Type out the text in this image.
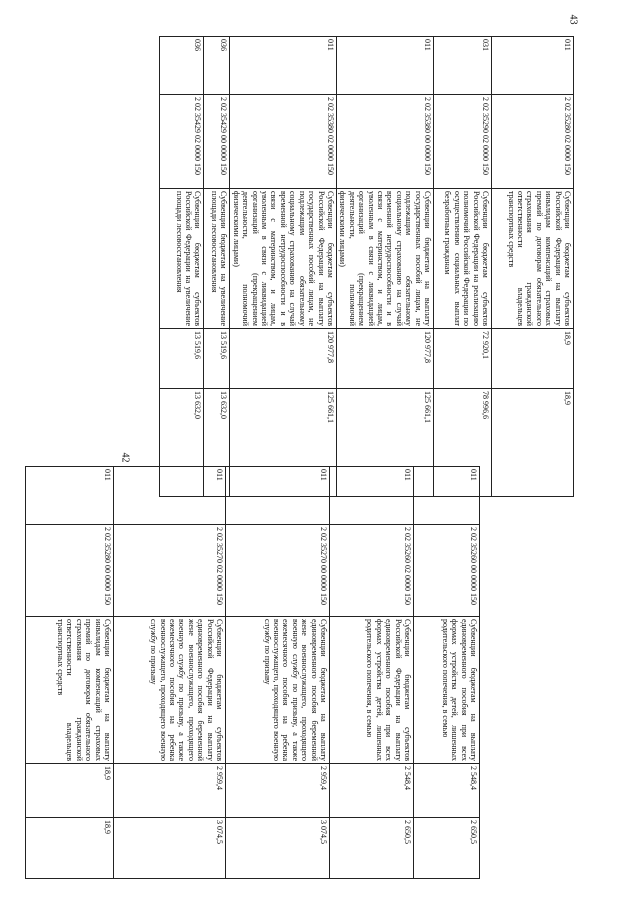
42
011	2 02 35260 00 0000 150	Субвенции бюджетам на выплату единовременного пособия при всех формах устройства детей, лишенных родительского попечения, в семью	2 548,4	2 650,5
011	2 02 35260 02 0000 150	Субвенции бюджетам субъектов Российской Федерации на выплату единовременного пособия при всех формах устройства детей, лишенных родительского попечения, в семью	2 548,4	2 650,5
011	2 02 35270 00 0000 150	Субвенции бюджетам на выплату единовременного пособия беременной жене военнослужащего, проходящего военную службу по призыву, а также ежемесячного пособия на ребенка военнослужащего, проходящего военную службу по призыву	2 959,4	3 074,5
011	2 02 35270 02 0000 150	Субвенции бюджетам субъектов Российской Федерации на выплату единовременного пособия беременной жене военнослужащего, проходящего военную службу по призыву, а также ежемесячного пособия на ребенка военнослужащего, проходящего военную службу по призыву	2 959,4	3 074,5
011	2 02 35280 00 0000 150	Субвенции бюджетам на выплату инвалидам компенсаций страховых премий по договорам обязательного страхования гражданской ответственности владельцев транспортных средств	18,9	18,9
43
011	2 02 35280 02 0000 150	Субвенции бюджетам субъектов Российской Федерации на выплату инвалидам компенсаций страховых премий по договорам обязательного страхования гражданской ответственности владельцев транспортных средств	18,9	18,9
031	2 02 35290 02 0000 150	Субвенции бюджетам субъектов Российской Федерации на реализацию полномочий Российской Федерации по осуществлению социальных выплат безработным гражданам	72 920,1	78 996,6
011	2 02 35380 00 0000 150	Субвенции бюджетам на выплату государственных пособий лицам, не подлежащим обязательному социальному страхованию на случай временной нетрудоспособности и в связи с материнством, и лицам, уволенным в связи с ликвидацией организаций (прекращением деятельности, полномочий физическими лицами)	120 977,8	125 661,1
011	2 02 35380 02 0000 150	Субвенции бюджетам субъектов Российской Федерации на выплату государственных пособий лицам, не подлежащим обязательному социальному страхованию на случай временной нетрудоспособности и в связи с материнством, и лицам, уволенным в связи с ликвидацией организаций (прекращением деятельности, полномочий физическими лицами)	120 977,8	125 661,1
036	2 02 35429 00 0000 150	Субвенции бюджетам на увеличение площади лесовосстановления	13 519,6	13 632,0
036	2 02 35429 02 0000 150	Субвенции бюджетам субъектов Российской Федерации на увеличение площади лесовосстановления	13 519,6	13 632,0
